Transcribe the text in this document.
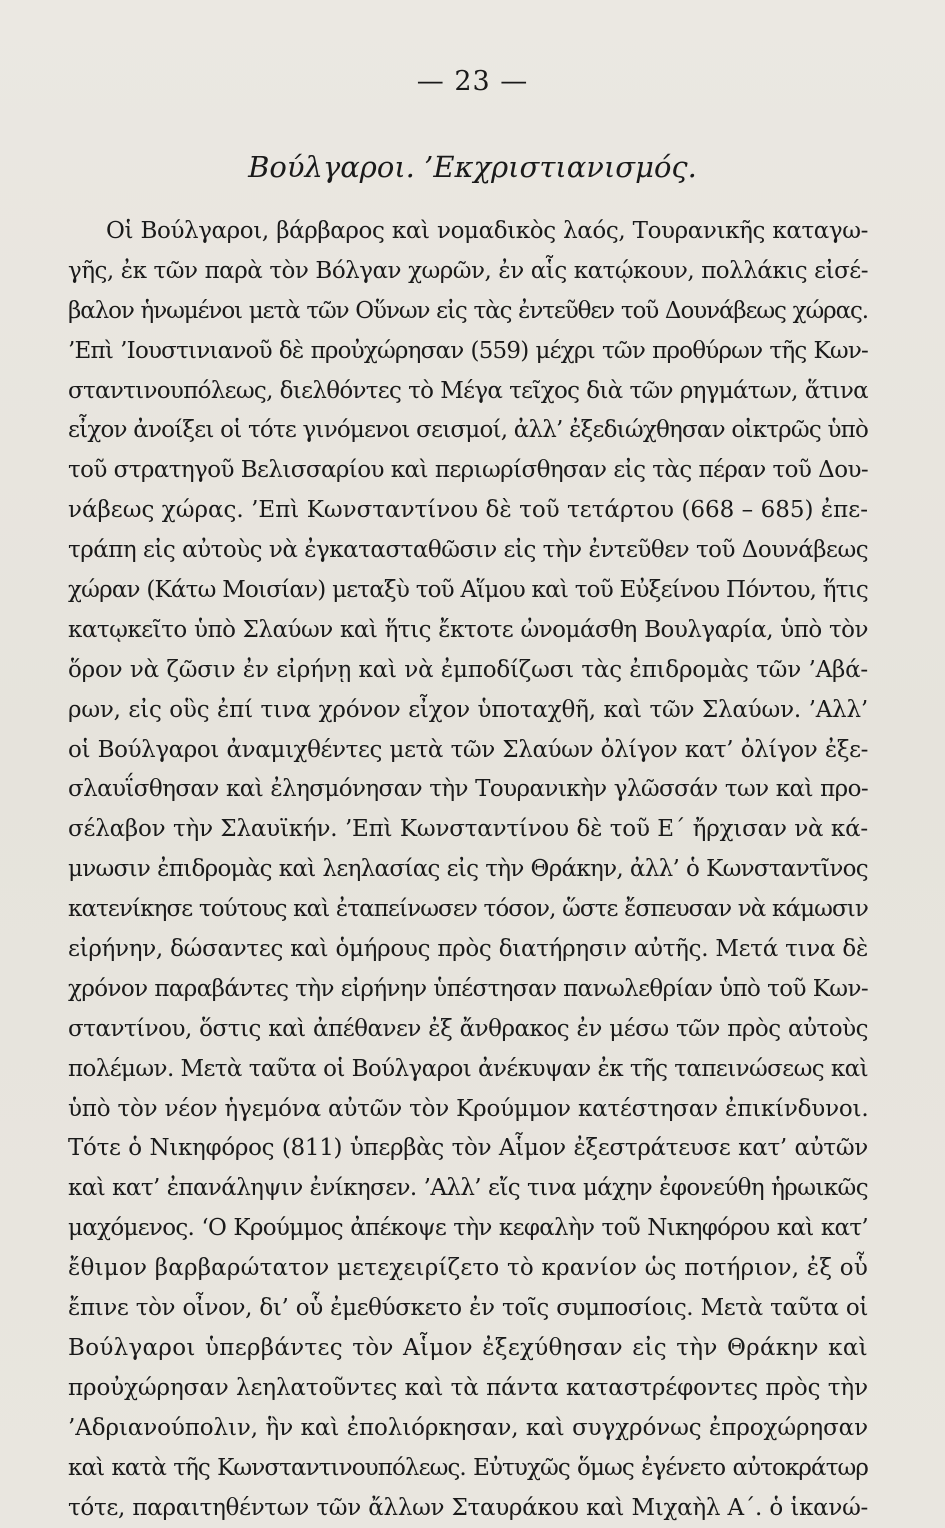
— 23 —
Βούλγαροι. ’Εκχριστιανισμός.
Οἱ Βούλγαροι, βάρβαρος καὶ νομαδικὸς λαός, Τουρανικῆς καταγω-
γῆς, ἐκ τῶν παρὰ τὸν Βόλγαν χωρῶν, ἐν αἷς κατῴκουν, πολλάκις εἰσέ-
βαλον ἡνωμένοι μετὰ τῶν Οὕνων εἰς τὰς ἐντεῦθεν τοῦ Δουνάβεως χώρας.
’Επὶ ’Ιουστινιανοῦ δὲ προὐχώρησαν (559) μέχρι τῶν προθύρων τῆς Κων-
σταντινουπόλεως, διελθόντες τὸ Μέγα τεῖχος διὰ τῶν ρηγμάτων, ἅτινα
εἶχον ἀνοίξει οἱ τότε γινόμενοι σεισμοί, ἀλλ’ ἐξεδιώχθησαν οἰκτρῶς ὑπὸ
τοῦ στρατηγοῦ Βελισσαρίου καὶ περιωρίσθησαν εἰς τὰς πέραν τοῦ Δου-
νάβεως χώρας. ’Επὶ Κωνσταντίνου δὲ τοῦ τετάρτου (668 – 685) ἐπε-
τράπη εἰς αὐτοὺς νὰ ἐγκατασταθῶσιν εἰς τὴν ἐντεῦθεν τοῦ Δουνάβεως
χώραν (Κάτω Μοισίαν) μεταξὺ τοῦ Αἵμου καὶ τοῦ Εὐξείνου Πόντου, ἥτις
κατῳκεῖτο ὑπὸ Σλαύων καὶ ἥτις ἔκτοτε ὠνομάσθη Βουλγαρία, ὑπὸ τὸν
ὅρον νὰ ζῶσιν ἐν εἰρήνῃ καὶ νὰ ἐμποδίζωσι τὰς ἐπιδρομὰς τῶν ’Αβά-
ρων, εἰς οὓς ἐπί τινα χρόνον εἶχον ὑποταχθῆ, καὶ τῶν Σλαύων. ’Αλλ’
οἱ Βούλγαροι ἀναμιχθέντες μετὰ τῶν Σλαύων ὀλίγον κατ’ ὀλίγον ἐξε-
σλαυΐσθησαν καὶ ἐλησμόνησαν τὴν Τουρανικὴν γλῶσσάν των καὶ προ-
σέλαβον τὴν Σλαυϊκήν. ’Επὶ Κωνσταντίνου δὲ τοῦ Ε΄ ἤρχισαν νὰ κά-
μνωσιν ἐπιδρομὰς καὶ λεηλασίας εἰς τὴν Θράκην, ἀλλ’ ὁ Κωνσταντῖνος
κατενίκησε τούτους καὶ ἐταπείνωσεν τόσον, ὥστε ἔσπευσαν νὰ κάμωσιν
εἰρήνην, δώσαντες καὶ ὁμήρους πρὸς διατήρησιν αὐτῆς. Μετά τινα δὲ
χρόνον παραβάντες τὴν εἰρήνην ὑπέστησαν πανωλεθρίαν ὑπὸ τοῦ Κων-
σταντίνου, ὅστις καὶ ἀπέθανεν ἐξ ἄνθρακος ἐν μέσω τῶν πρὸς αὐτοὺς
πολέμων. Μετὰ ταῦτα οἱ Βούλγαροι ἀνέκυψαν ἐκ τῆς ταπεινώσεως καὶ
ὑπὸ τὸν νέον ἡγεμόνα αὐτῶν τὸν Κρούμμον κατέστησαν ἐπικίνδυνοι.
Τότε ὁ Νικηφόρος (811) ὑπερβὰς τὸν Αἷμον ἐξεστράτευσε κατ’ αὐτῶν
καὶ κατ’ ἐπανάληψιν ἐνίκησεν. ’Αλλ’ εἴς τινα μάχην ἐφονεύθη ἡρωικῶς
μαχόμενος. ‘Ο Κρούμμος ἀπέκοψε τὴν κεφαλὴν τοῦ Νικηφόρου καὶ κατ’
ἔθιμον βαρβαρώτατον μετεχειρίζετο τὸ κρανίον ὡς ποτήριον, ἐξ οὗ
ἔπινε τὸν οἶνον, δι’ οὗ ἐμεθύσκετο ἐν τοῖς συμποσίοις. Μετὰ ταῦτα οἱ
Βούλγαροι ὑπερβάντες τὸν Αἷμον ἐξεχύθησαν εἰς τὴν Θράκην καὶ
προὐχώρησαν λεηλατοῦντες καὶ τὰ πάντα καταστρέφοντες πρὸς τὴν
’Αδριανούπολιν, ἣν καὶ ἐπολιόρκησαν, καὶ συγχρόνως ἐπροχώρησαν
καὶ κατὰ τῆς Κωνσταντινουπόλεως. Εὐτυχῶς ὅμως ἐγένετο αὐτοκράτωρ
τότε, παραιτηθέντων τῶν ἄλλων Σταυράκου καὶ Μιχαὴλ Α΄. ὁ ἱκανώ-
